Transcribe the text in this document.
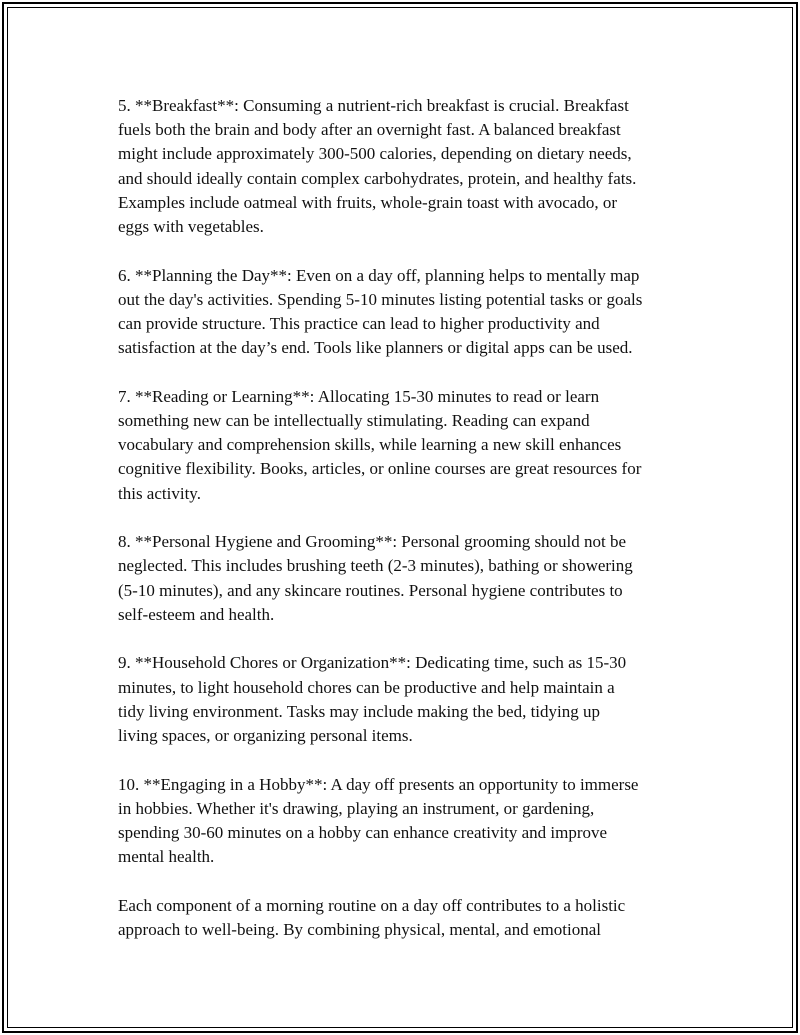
5. **Breakfast**: Consuming a nutrient-rich breakfast is crucial. Breakfast
fuels both the brain and body after an overnight fast. A balanced breakfast
might include approximately 300-500 calories, depending on dietary needs,
and should ideally contain complex carbohydrates, protein, and healthy fats.
Examples include oatmeal with fruits, whole-grain toast with avocado, or
eggs with vegetables.

6. **Planning the Day**: Even on a day off, planning helps to mentally map
out the day's activities. Spending 5-10 minutes listing potential tasks or goals
can provide structure. This practice can lead to higher productivity and
satisfaction at the day’s end. Tools like planners or digital apps can be used.

7. **Reading or Learning**: Allocating 15-30 minutes to read or learn
something new can be intellectually stimulating. Reading can expand
vocabulary and comprehension skills, while learning a new skill enhances
cognitive flexibility. Books, articles, or online courses are great resources for
this activity.

8. **Personal Hygiene and Grooming**: Personal grooming should not be
neglected. This includes brushing teeth (2-3 minutes), bathing or showering
(5-10 minutes), and any skincare routines. Personal hygiene contributes to
self-esteem and health.

9. **Household Chores or Organization**: Dedicating time, such as 15-30
minutes, to light household chores can be productive and help maintain a
tidy living environment. Tasks may include making the bed, tidying up
living spaces, or organizing personal items.

10. **Engaging in a Hobby**: A day off presents an opportunity to immerse
in hobbies. Whether it's drawing, playing an instrument, or gardening,
spending 30-60 minutes on a hobby can enhance creativity and improve
mental health.

Each component of a morning routine on a day off contributes to a holistic
approach to well-being. By combining physical, mental, and emotional
